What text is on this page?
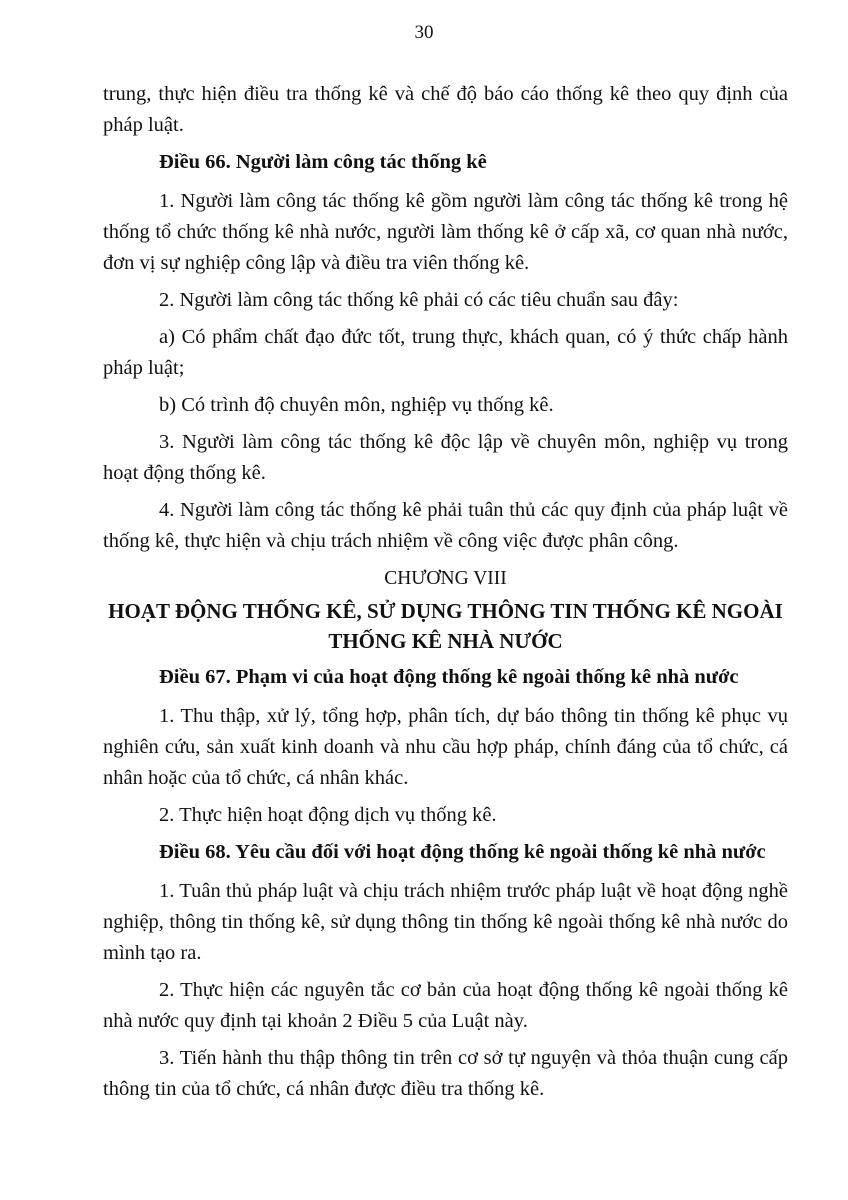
30

trung, thực hiện điều tra thống kê và chế độ báo cáo thống kê theo quy định của pháp luật.

Điều 66. Người làm công tác thống kê

1. Người làm công tác thống kê gồm người làm công tác thống kê trong hệ thống tổ chức thống kê nhà nước, người làm thống kê ở cấp xã, cơ quan nhà nước, đơn vị sự nghiệp công lập và điều tra viên thống kê.

2. Người làm công tác thống kê phải có các tiêu chuẩn sau đây:

a) Có phẩm chất đạo đức tốt, trung thực, khách quan, có ý thức chấp hành pháp luật;

b) Có trình độ chuyên môn, nghiệp vụ thống kê.

3. Người làm công tác thống kê độc lập về chuyên môn, nghiệp vụ trong hoạt động thống kê.

4. Người làm công tác thống kê phải tuân thủ các quy định của pháp luật về thống kê, thực hiện và chịu trách nhiệm về công việc được phân công.

CHƯƠNG VIII
HOẠT ĐỘNG THỐNG KÊ, SỬ DỤNG THÔNG TIN THỐNG KÊ NGOÀI THỐNG KÊ NHÀ NƯỚC
Điều 67. Phạm vi của hoạt động thống kê ngoài thống kê nhà nước

1. Thu thập, xử lý, tổng hợp, phân tích, dự báo thông tin thống kê phục vụ nghiên cứu, sản xuất kinh doanh và nhu cầu hợp pháp, chính đáng của tổ chức, cá nhân hoặc của tổ chức, cá nhân khác.

2. Thực hiện hoạt động dịch vụ thống kê.

Điều 68. Yêu cầu đối với hoạt động thống kê ngoài thống kê nhà nước

1. Tuân thủ pháp luật và chịu trách nhiệm trước pháp luật về hoạt động nghề nghiệp, thông tin thống kê, sử dụng thông tin thống kê ngoài thống kê nhà nước do mình tạo ra.

2. Thực hiện các nguyên tắc cơ bản của hoạt động thống kê ngoài thống kê nhà nước quy định tại khoản 2 Điều 5 của Luật này.

3. Tiến hành thu thập thông tin trên cơ sở tự nguyện và thỏa thuận cung cấp thông tin của tổ chức, cá nhân được điều tra thống kê.
